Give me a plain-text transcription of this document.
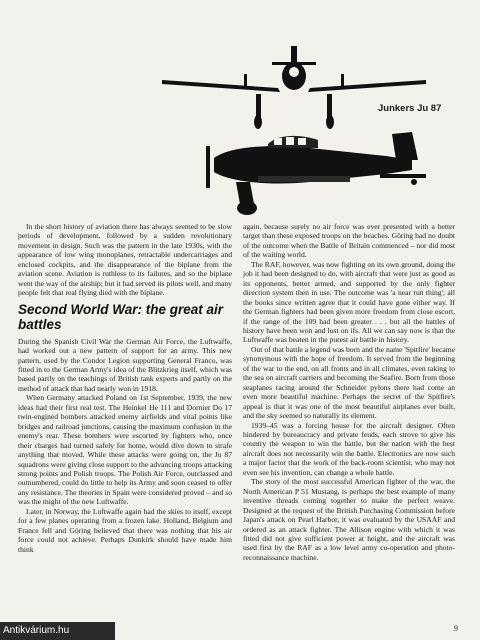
Junkers Ju 87

In the short history of aviation there has always seemed to be slow periods of development, followed by a sudden revolutionary movement in design. Such was the pattern in the late 1930s, with the appearance of low wing monoplanes, retractable undercarriages and enclosed cockpits, and the disappearance of the biplane from the aviation scene. Aviation is ruthless to its failures, and so the biplane went the way of the airship; but it had served its pilots well, and many people felt that real flying died with the biplane.

Second World War: the great air battles

During the Spanish Civil War the German Air Force, the Luftwaffe, had worked out a new pattern of support for an army. This new pattern, used by the Condor Legion supporting General Franco, was fitted in to the German Army's idea of the Blitzkrieg itself, which was based partly on the teachings of British tank experts and partly on the method of attack that had nearly won in 1918.

When Germany attacked Poland on 1st September, 1939, the new ideas had their first real test. The Heinkel He 111 and Dornier Do 17 twin-engined bombers attacked enemy airfields and vital points like bridges and railroad junctions, causing the maximum confusion in the enemy's rear. These bombers were escorted by fighters who, once their charges had turned safely for home, would dive down to strafe anything that moved. While these attacks were going on, the Ju 87 squadrons were giving close support to the advancing troops attacking strong points and Polish troops. The Polish Air Force, outclassed and outnumbered, could do little to help its Army and soon ceased to offer any resistance. The theories in Spain were considered proved – and so was the might of the new Luftwaffe.

Later, in Norway, the Luftwaffe again had the skies to itself, except for a few planes operating from a frozen lake. Holland, Belgium and France fell and Göring believed that there was nothing that his air force could not achieve. Perhaps Dunkirk should have made him think

again, because surely no air force was ever presented with a better target than these exposed troops on the beaches. Göring had no doubt of the outcome when the Battle of Britain commenced – nor did most of the waiting world.

The RAF, however, was now fighting on its own ground, doing the job it had been designed to do, with aircraft that were just as good as its opponents, better armed, and supported by the only fighter direction system then in use. The outcome was 'a near run thing'; all the books since written agree that it could have gone either way. If the German fighters had been given more freedom from close escort, if the range of the 109 had been greater . . . but all the battles of history have been won and lost on ifs. All we can say now is that the Luftwaffe was beaten in the purest air battle in history.

Out of that battle a legend was born and the name 'Spitfire' became synonymous with the hope of freedom. It served from the beginning of the war to the end, on all fronts and in all climates, even taking to the sea on aircraft carriers and becoming the Seafire. Born from those seaplanes racing around the Schneider pylons there had come an even more beautiful machine. Perhaps the secret of the Spitfire's appeal is that it was one of the most beautiful airplanes ever built, and the sky seemed so naturally its element.

1939–45 was a forcing house for the aircraft designer. Often hindered by bureaucracy and private feuds, each strove to give his country the weapon to win the battle, but the nation with the best aircraft does not necessarily win the battle. Electronics are now such a major factor that the work of the back-room scientist, who may not even see his invention, can change a whole battle.

The story of the most successful American fighter of the war, the North American P 51 Mustang, is perhaps the best example of many inventive threads coming together to make the perfect weave. Designed at the request of the British Purchasing Commission before Japan's attack on Pearl Harbor, it was evaluated by the USAAF and ordered as an attack fighter. The Allison engine with which it was fitted did not give sufficient power at height, and the aircraft was used first by the RAF as a low level army co-operation and photo-reconnaissance machine.

9
Antikvárium.hu
